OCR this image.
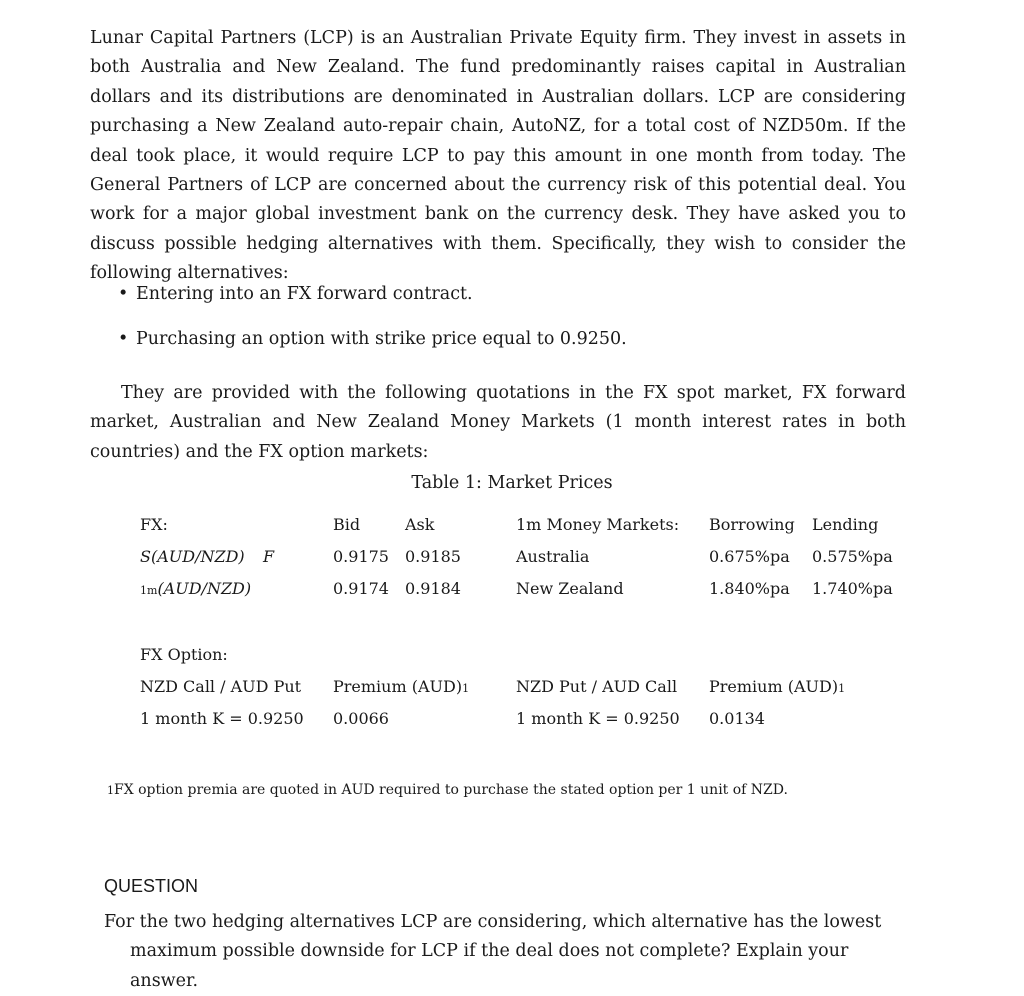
Lunar Capital Partners (LCP) is an Australian Private Equity firm. They invest in assets in both Australia and New Zealand. The fund predominantly raises capital in Australian dollars and its distributions are denominated in Australian dollars. LCP are considering purchasing a New Zealand auto-repair chain, AutoNZ, for a total cost of NZD50m. If the deal took place, it would require LCP to pay this amount in one month from today. The General Partners of LCP are concerned about the currency risk of this potential deal. You work for a major global investment bank on the currency desk. They have asked you to discuss possible hedging alternatives with them. Specifically, they wish to consider the following alternatives:

• Entering into an FX forward contract.
• Purchasing an option with strike price equal to 0.9250.

They are provided with the following quotations in the FX spot market, FX forward market, Australian and New Zealand Money Markets (1 month interest rates in both countries) and the FX option markets:

Table 1: Market Prices
FX:	Bid	Ask	1m Money Markets: Borrowing Lending
S(AUD/NZD) F	0.9175 0.9185	Australia	0.675%pa 0.575%pa
1m(AUD/NZD)	0.9174 0.9184	New Zealand	1.840%pa 1.740%pa
FX Option:
NZD Call / AUD Put Premium (AUD)1	NZD Put / AUD Call Premium (AUD)1
1 month K = 0.9250 0.0066	1 month K = 0.9250 0.0134
1FX option premia are quoted in AUD required to purchase the stated option per 1 unit of NZD.
QUESTION
For the two hedging alternatives LCP are considering, which alternative has the lowest
maximum possible downside for LCP if the deal does not complete? Explain your answer.
